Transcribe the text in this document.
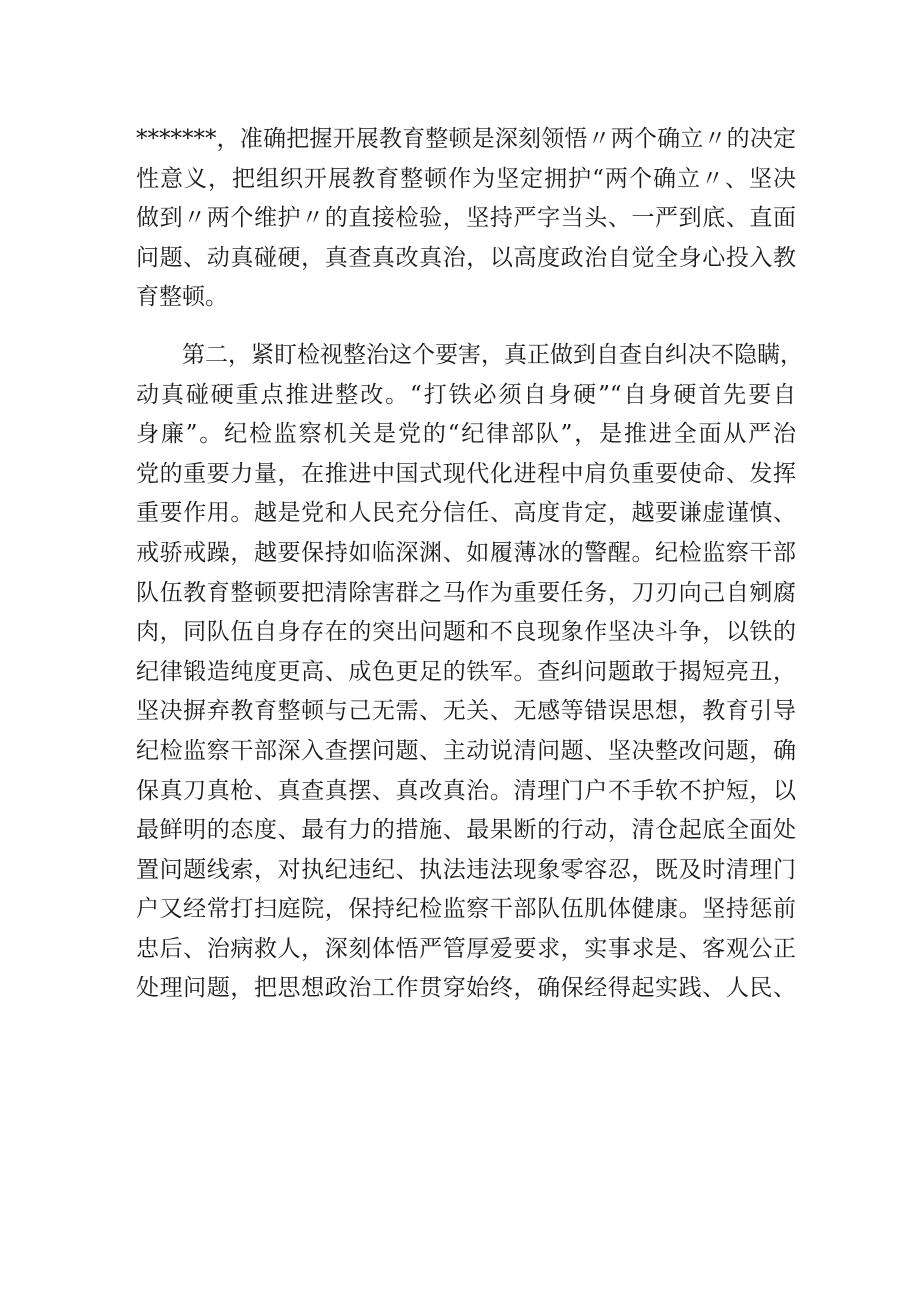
*******，准确把握开展教育整顿是深刻领悟〃两个确立〃的决定
性意义，把组织开展教育整顿作为坚定拥护“两个确立〃、坚决
做到〃两个维护〃的直接检验，坚持严字当头、一严到底、直面
问题、动真碰硬，真查真改真治，以高度政治自觉全身心投入教
育整顿。
第二，紧盯检视整治这个要害，真正做到自查自纠决不隐瞒，
动真碰硬重点推进整改。“打铁必须自身硬”“自身硬首先要自
身廉”。纪检监察机关是党的“纪律部队”，是推进全面从严治
党的重要力量，在推进中国式现代化进程中肩负重要使命、发挥
重要作用。越是党和人民充分信任、高度肯定，越要谦虚谨慎、
戒骄戒躁，越要保持如临深渊、如履薄冰的警醒。纪检监察干部
队伍教育整顿要把清除害群之马作为重要任务，刀刃向己自剜腐
肉，同队伍自身存在的突出问题和不良现象作坚决斗争，以铁的
纪律锻造纯度更高、成色更足的铁军。查纠问题敢于揭短亮丑，
坚决摒弃教育整顿与己无需、无关、无感等错误思想，教育引导
纪检监察干部深入查摆问题、主动说清问题、坚决整改问题，确
保真刀真枪、真查真摆、真改真治。清理门户不手软不护短，以
最鲜明的态度、最有力的措施、最果断的行动，清仓起底全面处
置问题线索，对执纪违纪、执法违法现象零容忍，既及时清理门
户又经常打扫庭院，保持纪检监察干部队伍肌体健康。坚持惩前
忠后、治病救人，深刻体悟严管厚爱要求，实事求是、客观公正
处理问题，把思想政治工作贯穿始终，确保经得起实践、人民、
